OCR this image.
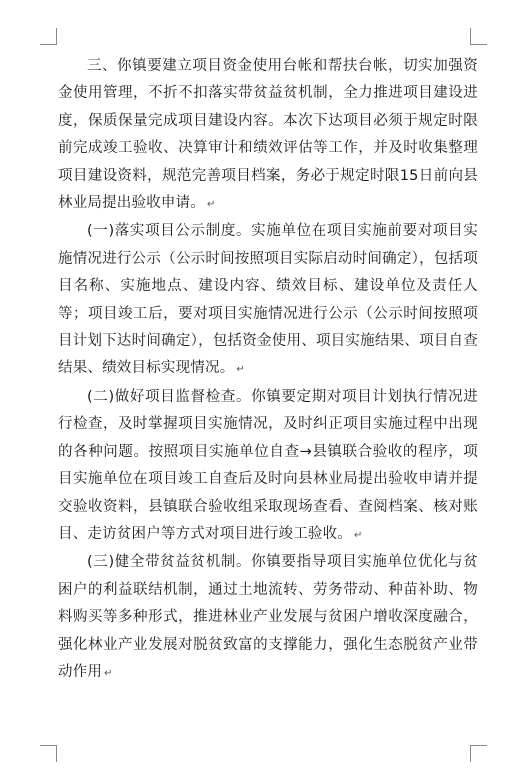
三、你镇要建立项目资金使用台帐和帮扶台帐，切实加强资金使用管理，不折不扣落实带贫益贫机制，全力推进项目建设进度，保质保量完成项目建设内容。本次下达项目必须于规定时限前完成竣工验收、决算审计和绩效评估等工作，并及时收集整理项目建设资料，规范完善项目档案，务必于规定时限15日前向县林业局提出验收申请。 ↵

(一)落实项目公示制度。实施单位在项目实施前要对项目实施情况进行公示（公示时间按照项目实际启动时间确定），包括项目名称、实施地点、建设内容、绩效目标、建设单位及责任人等；项目竣工后，要对项目实施情况进行公示（公示时间按照项目计划下达时间确定），包括资金使用、项目实施结果、项目自查结果、绩效目标实现情况。 ↵

(二)做好项目监督检查。你镇要定期对项目计划执行情况进行检查，及时掌握项目实施情况，及时纠正项目实施过程中出现的各种问题。按照项目实施单位自查→县镇联合验收的程序，项目实施单位在项目竣工自查后及时向县林业局提出验收申请并提交验收资料，县镇联合验收组采取现场查看、查阅档案、核对账目、走访贫困户等方式对项目进行竣工验收。 ↵

(三)健全带贫益贫机制。你镇要指导项目实施单位优化与贫困户的利益联结机制，通过土地流转、劳务带动、种苗补助、物料购买等多种形式，推进林业产业发展与贫困户增收深度融合，强化林业产业发展对脱贫致富的支撑能力，强化生态脱贫产业带动作用 ↵
